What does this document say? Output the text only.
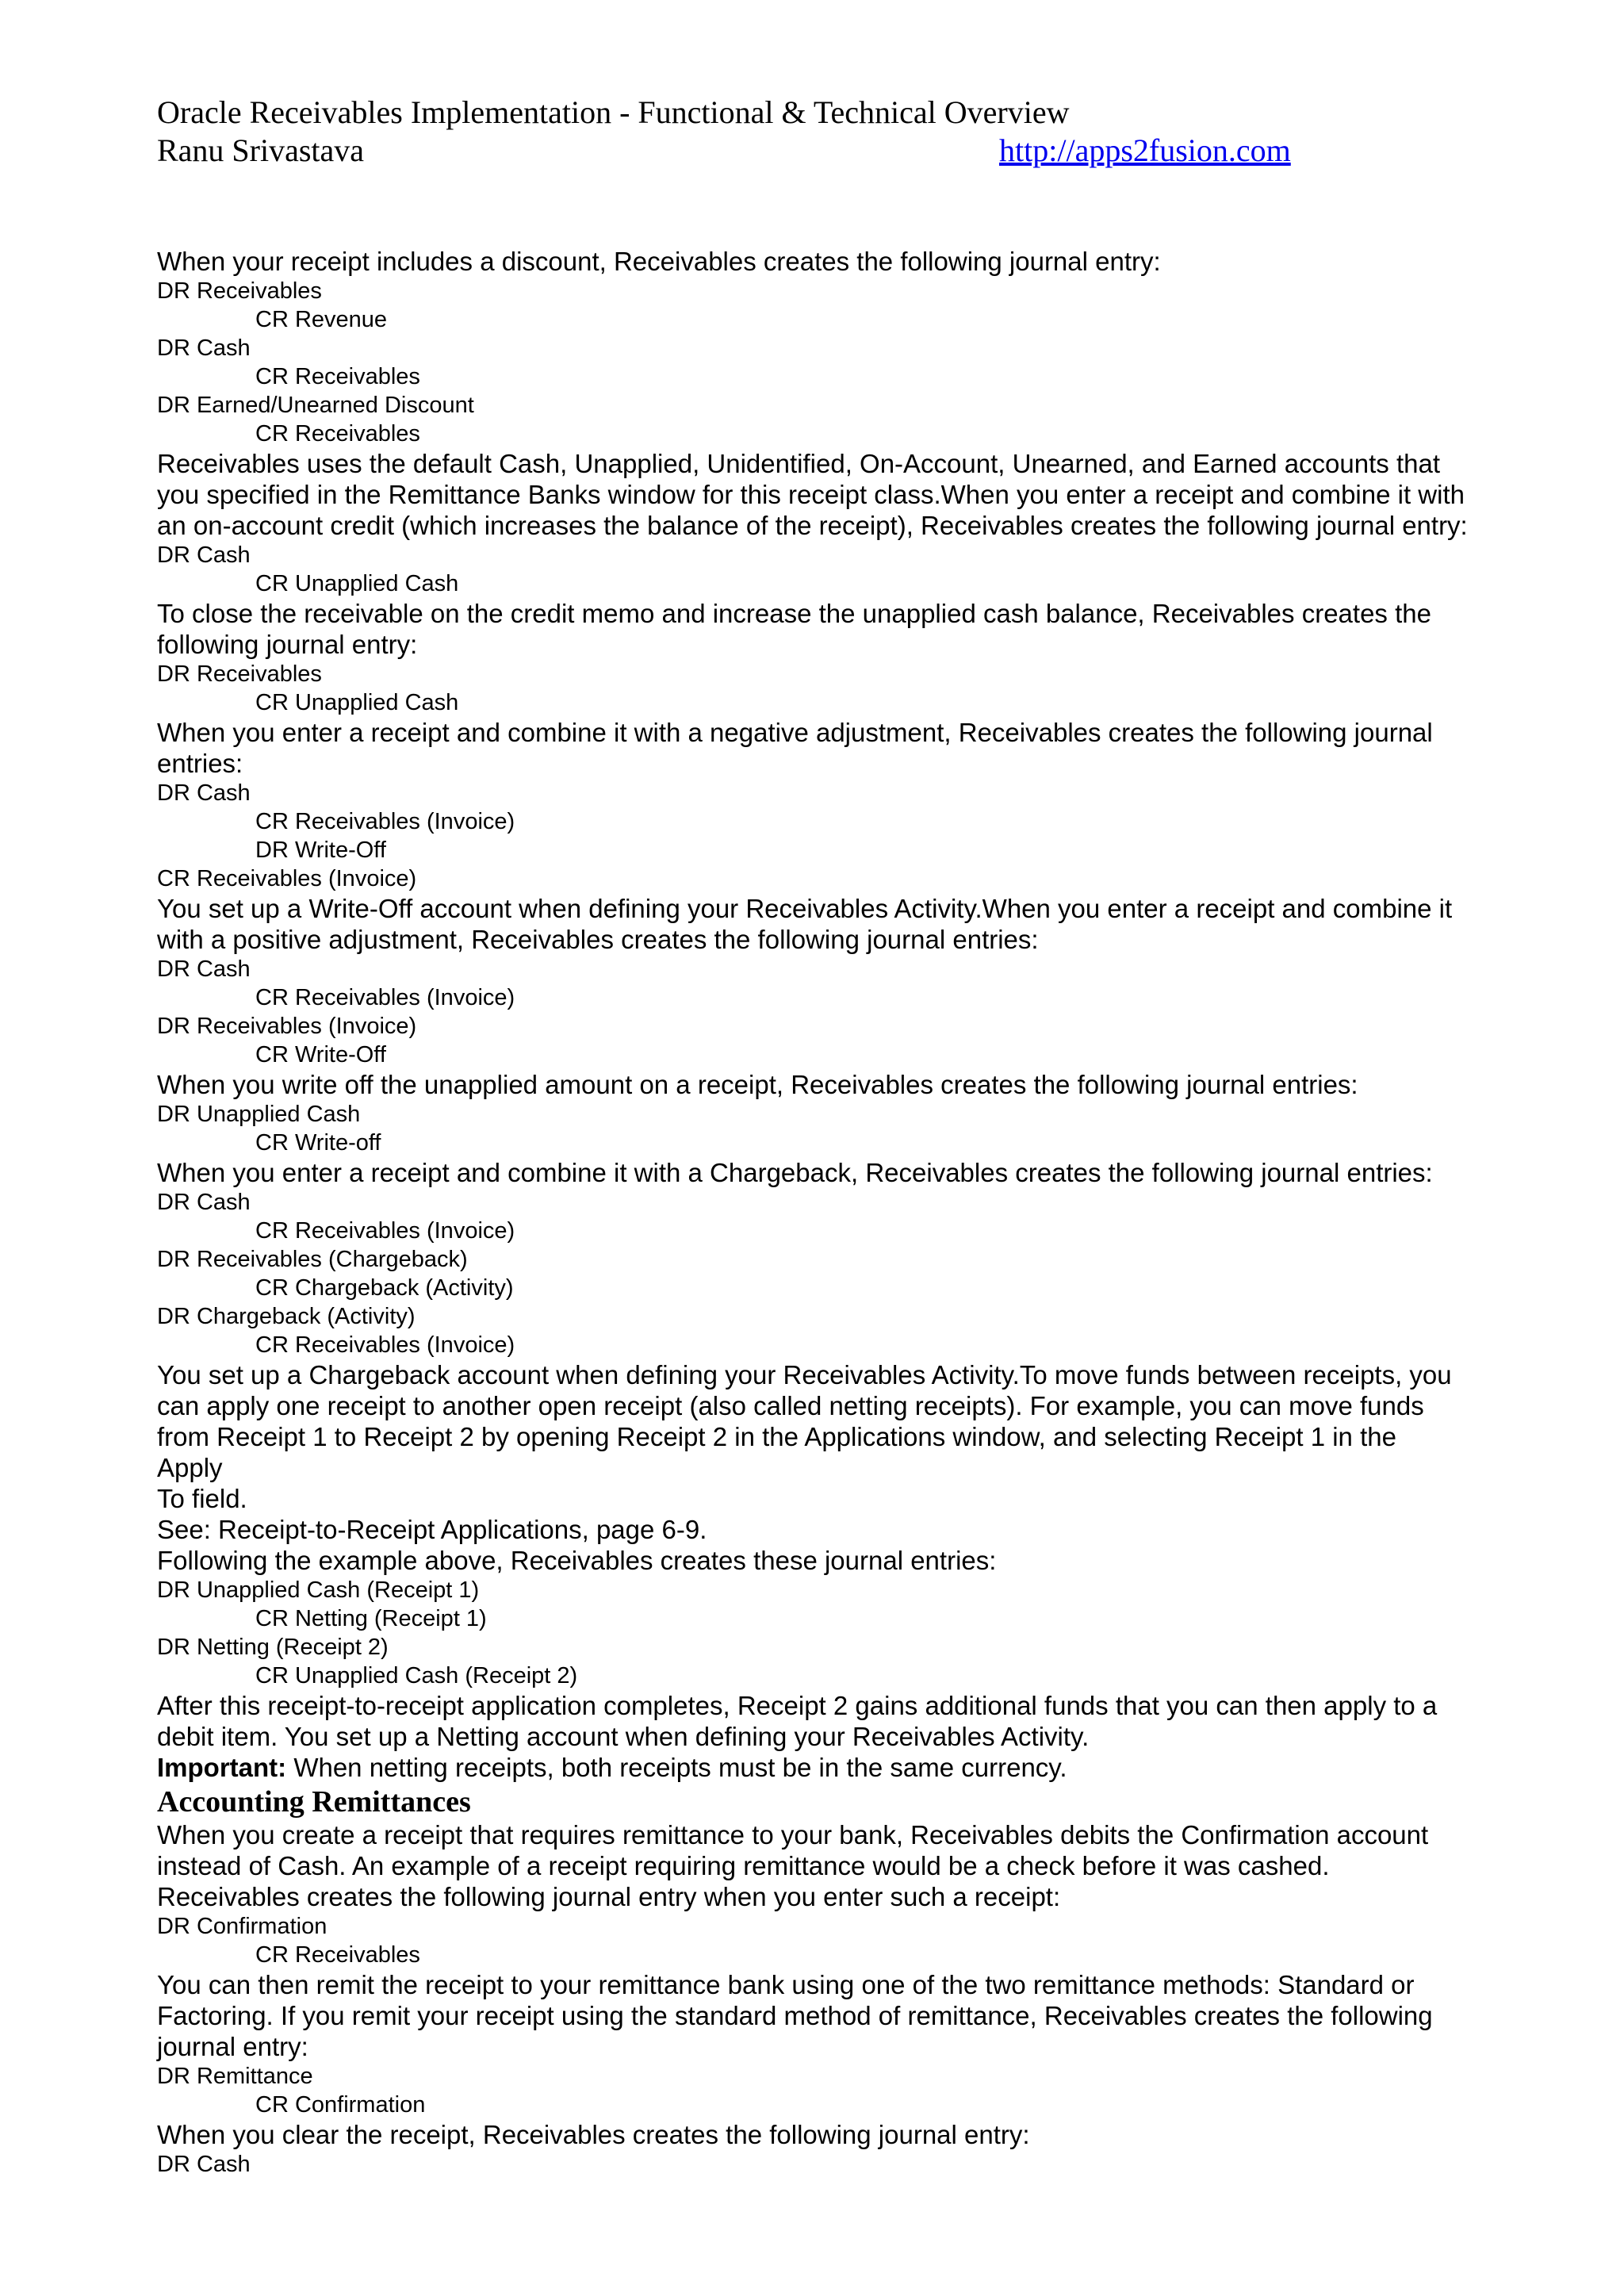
Oracle Receivables Implementation - Functional & Technical Overview
Ranu Srivastava	http://apps2fusion.com
When your receipt includes a discount, Receivables creates the following journal entry:
DR Receivables
CR Revenue
DR Cash
CR Receivables
DR Earned/Unearned Discount
CR Receivables
Receivables uses the default Cash, Unapplied, Unidentified, On-Account, Unearned, and Earned accounts that
you specified in the Remittance Banks window for this receipt class.When you enter a receipt and combine it with
an on-account credit (which increases the balance of the receipt), Receivables creates the following journal entry:
DR Cash
CR Unapplied Cash
To close the receivable on the credit memo and increase the unapplied cash balance, Receivables creates the
following journal entry:
DR Receivables
CR Unapplied Cash
When you enter a receipt and combine it with a negative adjustment, Receivables creates the following journal
entries:
DR Cash
CR Receivables (Invoice)
DR Write-Off
CR Receivables (Invoice)
You set up a Write-Off account when defining your Receivables Activity.When you enter a receipt and combine it
with a positive adjustment, Receivables creates the following journal entries:
DR Cash
CR Receivables (Invoice)
DR Receivables (Invoice)
CR Write-Off
When you write off the unapplied amount on a receipt, Receivables creates the following journal entries:
DR Unapplied Cash
CR Write-off
When you enter a receipt and combine it with a Chargeback, Receivables creates the following journal entries:
DR Cash
CR Receivables (Invoice)
DR Receivables (Chargeback)
CR Chargeback (Activity)
DR Chargeback (Activity)
CR Receivables (Invoice)
You set up a Chargeback account when defining your Receivables Activity.To move funds between receipts, you
can apply one receipt to another open receipt (also called netting receipts). For example, you can move funds
from Receipt 1 to Receipt 2 by opening Receipt 2 in the Applications window, and selecting Receipt 1 in the
Apply
To field.
See: Receipt-to-Receipt Applications, page 6-9.
Following the example above, Receivables creates these journal entries:
DR Unapplied Cash (Receipt 1)
CR Netting (Receipt 1)
DR Netting (Receipt 2)
CR Unapplied Cash (Receipt 2)
After this receipt-to-receipt application completes, Receipt 2 gains additional funds that you can then apply to a
debit item. You set up a Netting account when defining your Receivables Activity.
Important: When netting receipts, both receipts must be in the same currency.
Accounting Remittances
When you create a receipt that requires remittance to your bank, Receivables debits the Confirmation account
instead of Cash. An example of a receipt requiring remittance would be a check before it was cashed.
Receivables creates the following journal entry when you enter such a receipt:
DR Confirmation
CR Receivables
You can then remit the receipt to your remittance bank using one of the two remittance methods: Standard or
Factoring. If you remit your receipt using the standard method of remittance, Receivables creates the following
journal entry:
DR Remittance
CR Confirmation
When you clear the receipt, Receivables creates the following journal entry:
DR Cash
